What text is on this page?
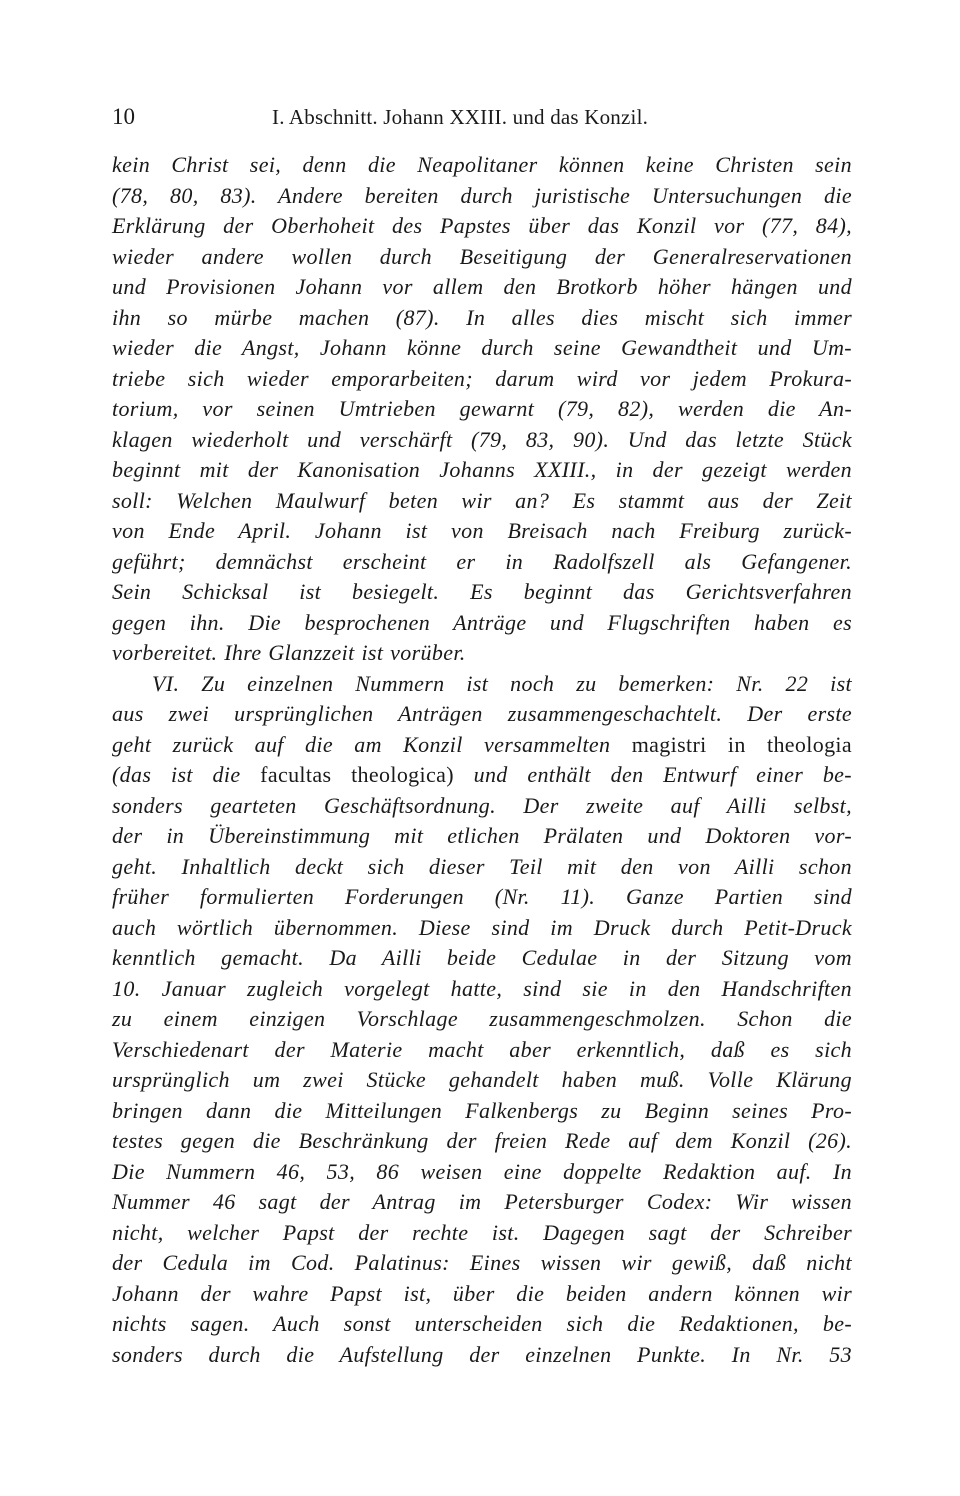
10	I. Abschnitt. Johann XXIII. und das Konzil.
kein Christ sei, denn die Neapolitaner können keine Christen sein
(78, 80, 83). Andere bereiten durch juristische Untersuchungen die
Erklärung der Oberhoheit des Papstes über das Konzil vor (77, 84),
wieder andere wollen durch Beseitigung der Generalreservationen
und Provisionen Johann vor allem den Brotkorb höher hängen und
ihn so mürbe machen (87). In alles dies mischt sich immer
wieder die Angst, Johann könne durch seine Gewandtheit und Um-
triebe sich wieder emporarbeiten; darum wird vor jedem Prokura-
torium, vor seinen Umtrieben gewarnt (79, 82), werden die An-
klagen wiederholt und verschärft (79, 83, 90). Und das letzte Stück
beginnt mit der Kanonisation Johanns XXIII., in der gezeigt werden
soll: Welchen Maulwurf beten wir an? Es stammt aus der Zeit
von Ende April. Johann ist von Breisach nach Freiburg zurück-
geführt; demnächst erscheint er in Radolfszell als Gefangener.
Sein Schicksal ist besiegelt. Es beginnt das Gerichtsverfahren
gegen ihn. Die besprochenen Anträge und Flugschriften haben es
vorbereitet. Ihre Glanzzeit ist vorüber.
VI. Zu einzelnen Nummern ist noch zu bemerken: Nr. 22 ist
aus zwei ursprünglichen Anträgen zusammengeschachtelt. Der erste
geht zurück auf die am Konzil versammelten magistri in theologia
(das ist die facultas theologica) und enthält den Entwurf einer be-
sonders gearteten Geschäftsordnung. Der zweite auf Ailli selbst,
der in Übereinstimmung mit etlichen Prälaten und Doktoren vor-
geht. Inhaltlich deckt sich dieser Teil mit den von Ailli schon
früher formulierten Forderungen (Nr. 11). Ganze Partien sind
auch wörtlich übernommen. Diese sind im Druck durch Petit-Druck
kenntlich gemacht. Da Ailli beide Cedulae in der Sitzung vom
10. Januar zugleich vorgelegt hatte, sind sie in den Handschriften
zu einem einzigen Vorschlage zusammengeschmolzen. Schon die
Verschiedenart der Materie macht aber erkenntlich, daß es sich
ursprünglich um zwei Stücke gehandelt haben muß. Volle Klärung
bringen dann die Mitteilungen Falkenbergs zu Beginn seines Pro-
testes gegen die Beschränkung der freien Rede auf dem Konzil (26).
Die Nummern 46, 53, 86 weisen eine doppelte Redaktion auf. In
Nummer 46 sagt der Antrag im Petersburger Codex: Wir wissen
nicht, welcher Papst der rechte ist. Dagegen sagt der Schreiber
der Cedula im Cod. Palatinus: Eines wissen wir gewiß, daß nicht
Johann der wahre Papst ist, über die beiden andern können wir
nichts sagen. Auch sonst unterscheiden sich die Redaktionen, be-
sonders durch die Aufstellung der einzelnen Punkte. In Nr. 53
